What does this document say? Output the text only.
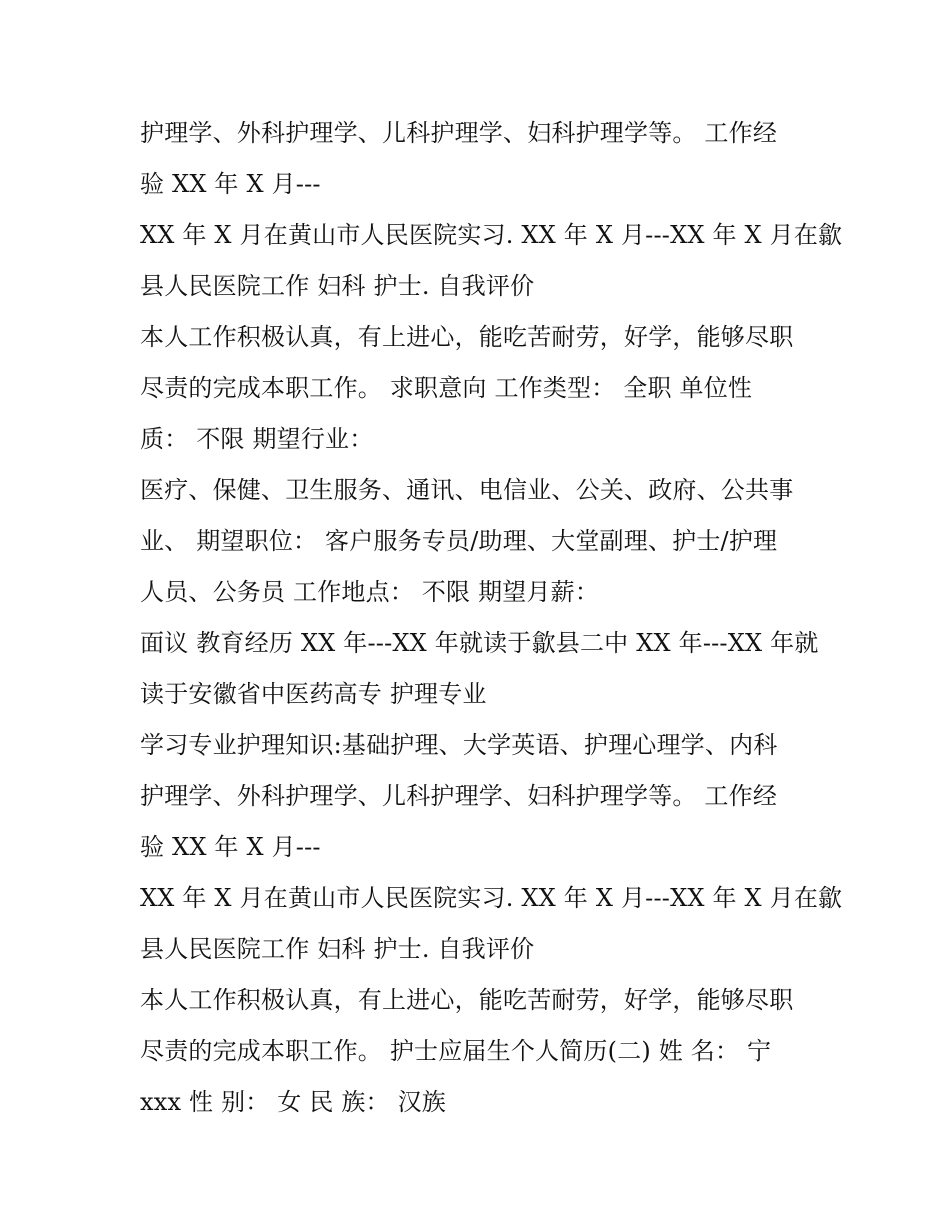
护理学、外科护理学、儿科护理学、妇科护理学等。 工作经
验 XX 年 X 月---
XX 年 X 月在黄山市人民医院实习. XX 年 X 月---XX 年 X 月在歙
县人民医院工作 妇科 护士. 自我评价
本人工作积极认真，有上进心，能吃苦耐劳，好学，能够尽职
尽责的完成本职工作。 求职意向 工作类型： 全职 单位性
质： 不限 期望行业：
医疗、保健、卫生服务、通讯、电信业、公关、政府、公共事
业、 期望职位： 客户服务专员/助理、大堂副理、护士/护理
人员、公务员 工作地点： 不限 期望月薪：
面议 教育经历 XX 年---XX 年就读于歙县二中 XX 年---XX 年就
读于安徽省中医药高专 护理专业
学习专业护理知识:基础护理、大学英语、护理心理学、内科
护理学、外科护理学、儿科护理学、妇科护理学等。 工作经
验 XX 年 X 月---
XX 年 X 月在黄山市人民医院实习. XX 年 X 月---XX 年 X 月在歙
县人民医院工作 妇科 护士. 自我评价
本人工作积极认真，有上进心，能吃苦耐劳，好学，能够尽职
尽责的完成本职工作。 护士应届生个人简历(二) 姓 名： 宁
xxx 性 别： 女 民 族： 汉族
